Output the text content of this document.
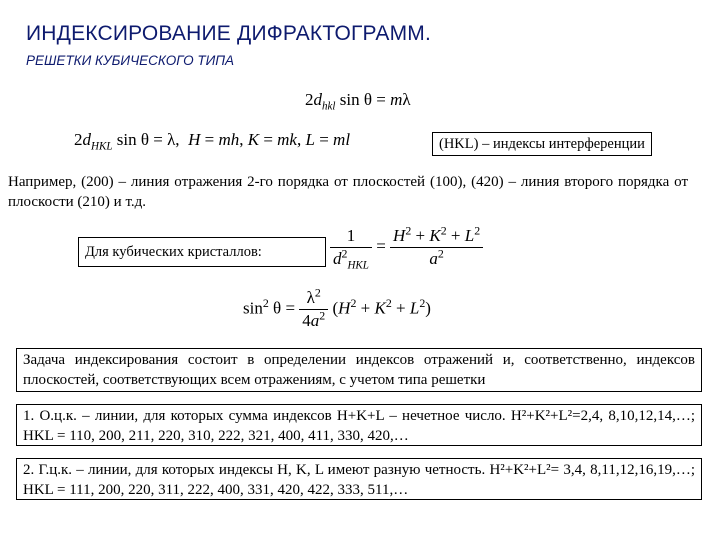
ИНДЕКСИРОВАНИЕ ДИФРАКТОГРАММ.
РЕШЕТКИ КУБИЧЕСКОГО ТИПА
$2d_{hkl}$ sin θ = mλ
$2d_{HKL}$ sin θ = λ,  H = mh, K = mk, L = ml	(HKL) – индексы интерференции
Например, (200) – линия отражения 2-го порядка от плоскостей (100), (420) – линия второго порядка от плоскости (210) и т.д.
Для кубических кристаллов:	$\frac{1}{d^2_{HKL}} = \frac{H^2 + K^2 + L^2}{a^2}$
$\sin^2 \theta = \frac{\lambda^2}{4a^2} (H^2 + K^2 + L^2)$
Задача индексирования состоит в определении индексов отражений и, соответственно, индексов плоскостей, соответствующих всем отражениям, с учетом типа решетки
1. О.ц.к. – линии, для которых сумма индексов H+K+L – нечетное число. H²+K²+L²=2,4, 8,10,12,14,…; HKL = 110, 200, 211, 220, 310, 222, 321, 400, 411, 330, 420,…
2. Г.ц.к. – линии, для которых индексы H, K, L имеют разную четность. H²+K²+L²= 3,4, 8,11,12,16,19,…; HKL = 111, 200, 220, 311, 222, 400, 331, 420, 422, 333, 511,…
